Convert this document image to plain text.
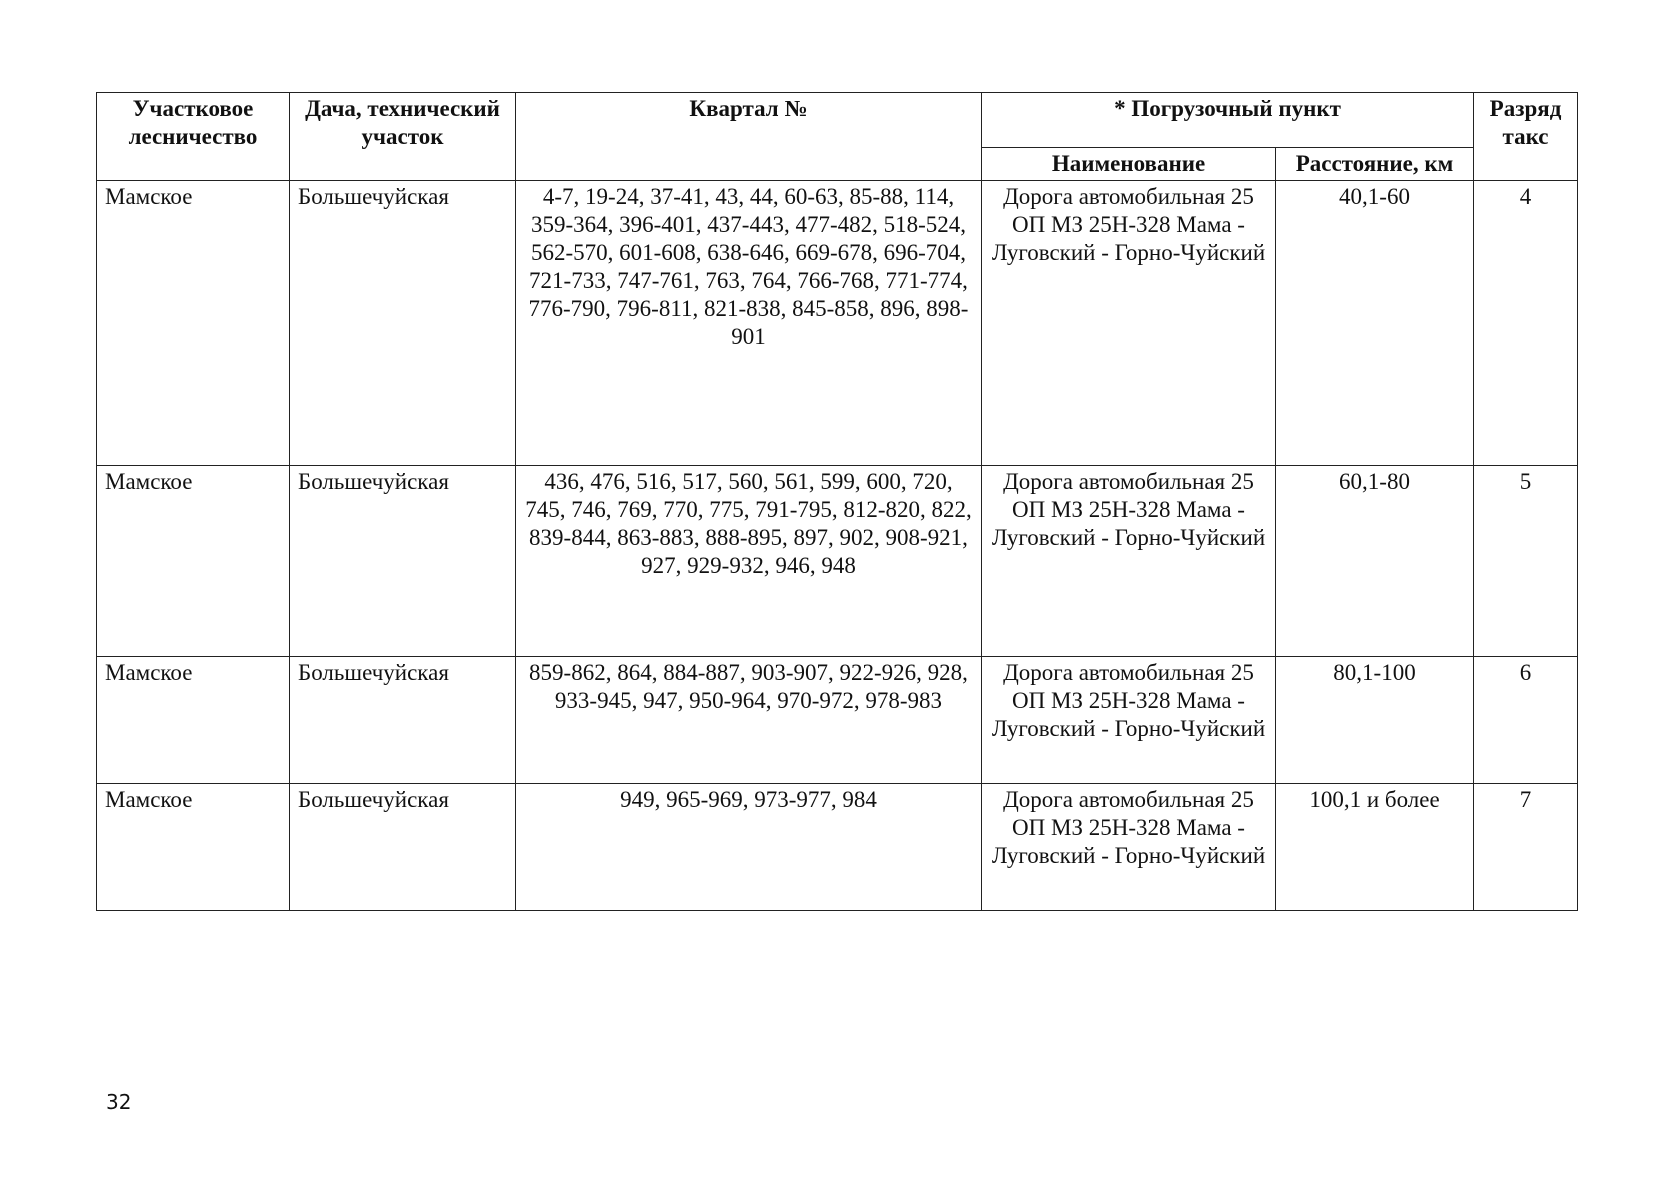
Участковое лесничество	Дача, технический участок	Квартал №	* Погрузочный пункт		Разряд такс
			Наименование	Расстояние, км	
Мамское	Большечуйская	4-7, 19-24, 37-41, 43, 44, 60-63, 85-88, 114, 359-364, 396-401, 437-443, 477-482, 518-524, 562-570, 601-608, 638-646, 669-678, 696-704, 721-733, 747-761, 763, 764, 766-768, 771-774, 776-790, 796-811, 821-838, 845-858, 896, 898-901	Дорога автомобильная 25 ОП МЗ 25Н-328 Мама - Луговский - Горно-Чуйский	40,1-60	4
Мамское	Большечуйская	436, 476, 516, 517, 560, 561, 599, 600, 720, 745, 746, 769, 770, 775, 791-795, 812-820, 822, 839-844, 863-883, 888-895, 897, 902, 908-921, 927, 929-932, 946, 948	Дорога автомобильная 25 ОП МЗ 25Н-328 Мама - Луговский - Горно-Чуйский	60,1-80	5
Мамское	Большечуйская	859-862, 864, 884-887, 903-907, 922-926, 928, 933-945, 947, 950-964, 970-972, 978-983	Дорога автомобильная 25 ОП МЗ 25Н-328 Мама - Луговский - Горно-Чуйский	80,1-100	6
Мамское	Большечуйская	949, 965-969, 973-977, 984	Дорога автомобильная 25 ОП МЗ 25Н-328 Мама - Луговский - Горно-Чуйский	100,1 и более	7
32
